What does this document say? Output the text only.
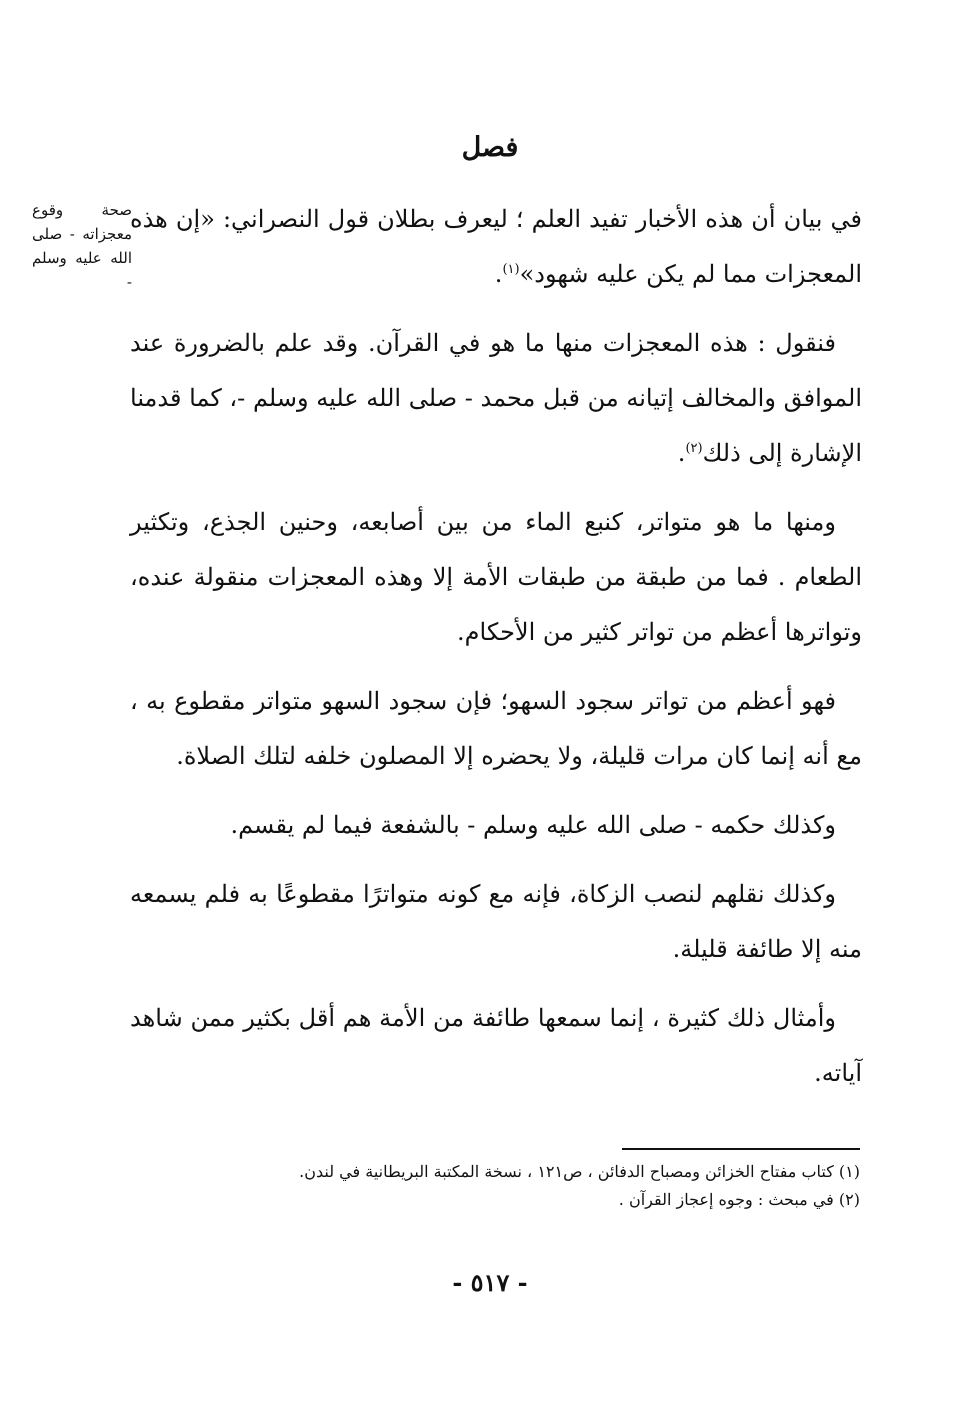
فصل
صحة وقوع معجزاته - صلى الله عليه وسلم -

في بيان أن هذه الأخبار تفيد العلم ؛ ليعرف بطلان قول النصراني: «إن هذه المعجزات مما لم يكن عليه شهود»$^{(١)}$.

فنقول : هذه المعجزات منها ما هو في القرآن. وقد علم بالضرورة عند الموافق والمخالف إتيانه من قبل محمد - صلى الله عليه وسلم -، كما قدمنا الإشارة إلى ذلك$^{(٢)}$.

ومنها ما هو متواتر، كنبع الماء من بين أصابعه، وحنين الجذع، وتكثير الطعام . فما من طبقة من طبقات الأمة إلا وهذه المعجزات منقولة عنده، وتواترها أعظم من تواتر كثير من الأحكام.

فهو أعظم من تواتر سجود السهو؛ فإن سجود السهو متواتر مقطوع به ، مع أنه إنما كان مرات قليلة، ولا يحضره إلا المصلون خلفه لتلك الصلاة.

وكذلك حكمه - صلى الله عليه وسلم - بالشفعة فيما لم يقسم.

وكذلك نقلهم لنصب الزكاة، فإنه مع كونه متواترًا مقطوعًا به فلم يسمعه منه إلا طائفة قليلة.

وأمثال ذلك كثيرة ، إنما سمعها طائفة من الأمة هم أقل بكثير ممن شاهد آياته.

(١) كتاب مفتاح الخزائن ومصباح الدفائن ، ص١٢١ ، نسخة المكتبة البريطانية في لندن.
(٢) في مبحث : وجوه إعجاز القرآن .
- ٥١٧ -
